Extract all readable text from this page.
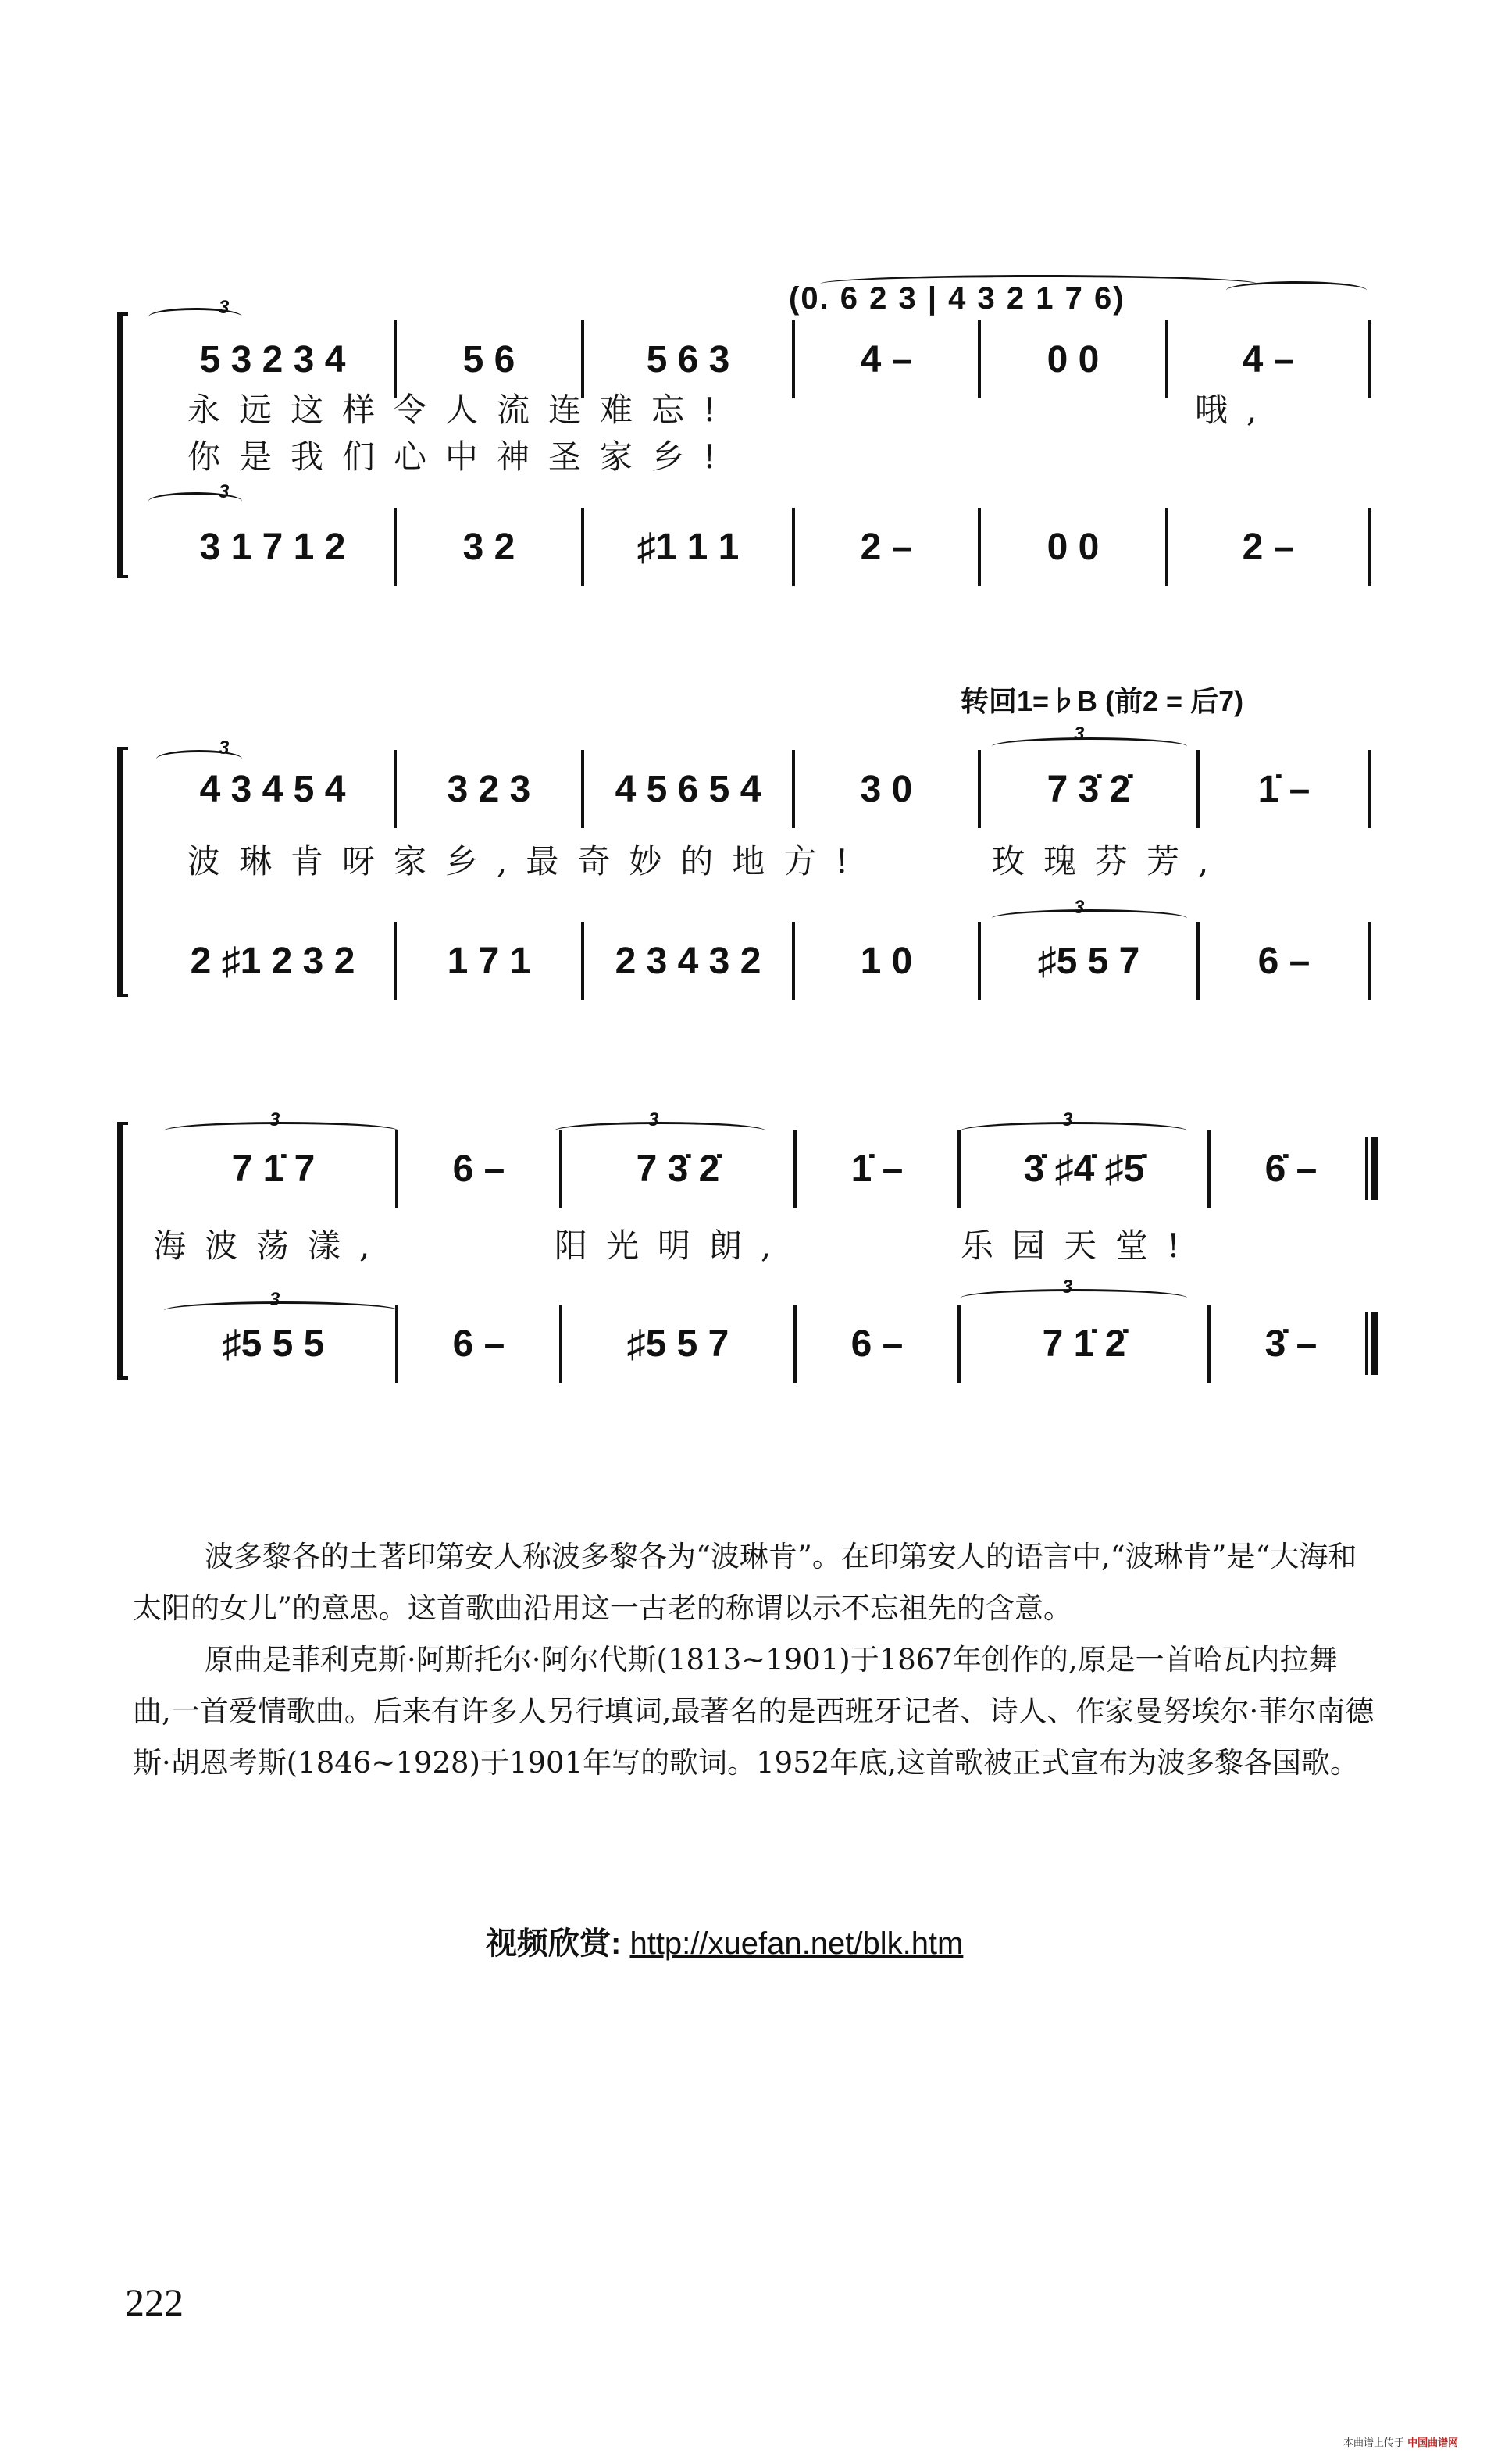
(0. 6 2 3 | 4 3 2 1 7 6)
3
5 3 2 3 4	5 6	5 6 3	4 –	0 0	4 –
永远这样令人流连难忘!
你是我们心中神圣家乡!
哦,
3
3 1 7 1 2	3 2	♯1 1 1	2 –	0 0	2 –
转回1=♭B (前2 = 后7)
3
3
4 3 4 5 4	3 2 3	4 5 6 5 4	3 0	7 3̇ 2̇	1̇ –
波琳肯呀家乡,最奇妙的地方!	玫瑰芬芳,
3
2 ♯1 2 3 2	1 7 1	2 3 4 3 2	1 0	♯5 5 7	6 –
3	3	3
7 1̇ 7	6 –	7 3̇ 2̇	1̇ –	3̇ ♯4̇ ♯5̇	6̇ –
海波荡漾,	阳光明朗,	乐园天堂!
3
3
♯5 5 5	6 –	♯5 5 7	6 –	7 1̇ 2̇	3̇ –

波多黎各的土著印第安人称波多黎各为“波琳肯”。在印第安人的语言中,“波琳肯”是“大海和太阳的女儿”的意思。这首歌曲沿用这一古老的称谓以示不忘祖先的含意。

原曲是菲利克斯·阿斯托尔·阿尔代斯(1813~1901)于1867年创作的,原是一首哈瓦内拉舞曲,一首爱情歌曲。后来有许多人另行填词,最著名的是西班牙记者、诗人、作家曼努埃尔·菲尔南德斯·胡恩考斯(1846~1928)于1901年写的歌词。1952年底,这首歌被正式宣布为波多黎各国歌。

视频欣赏: http://xuefan.net/blk.htm
222
本曲谱上传于 中国曲谱网
